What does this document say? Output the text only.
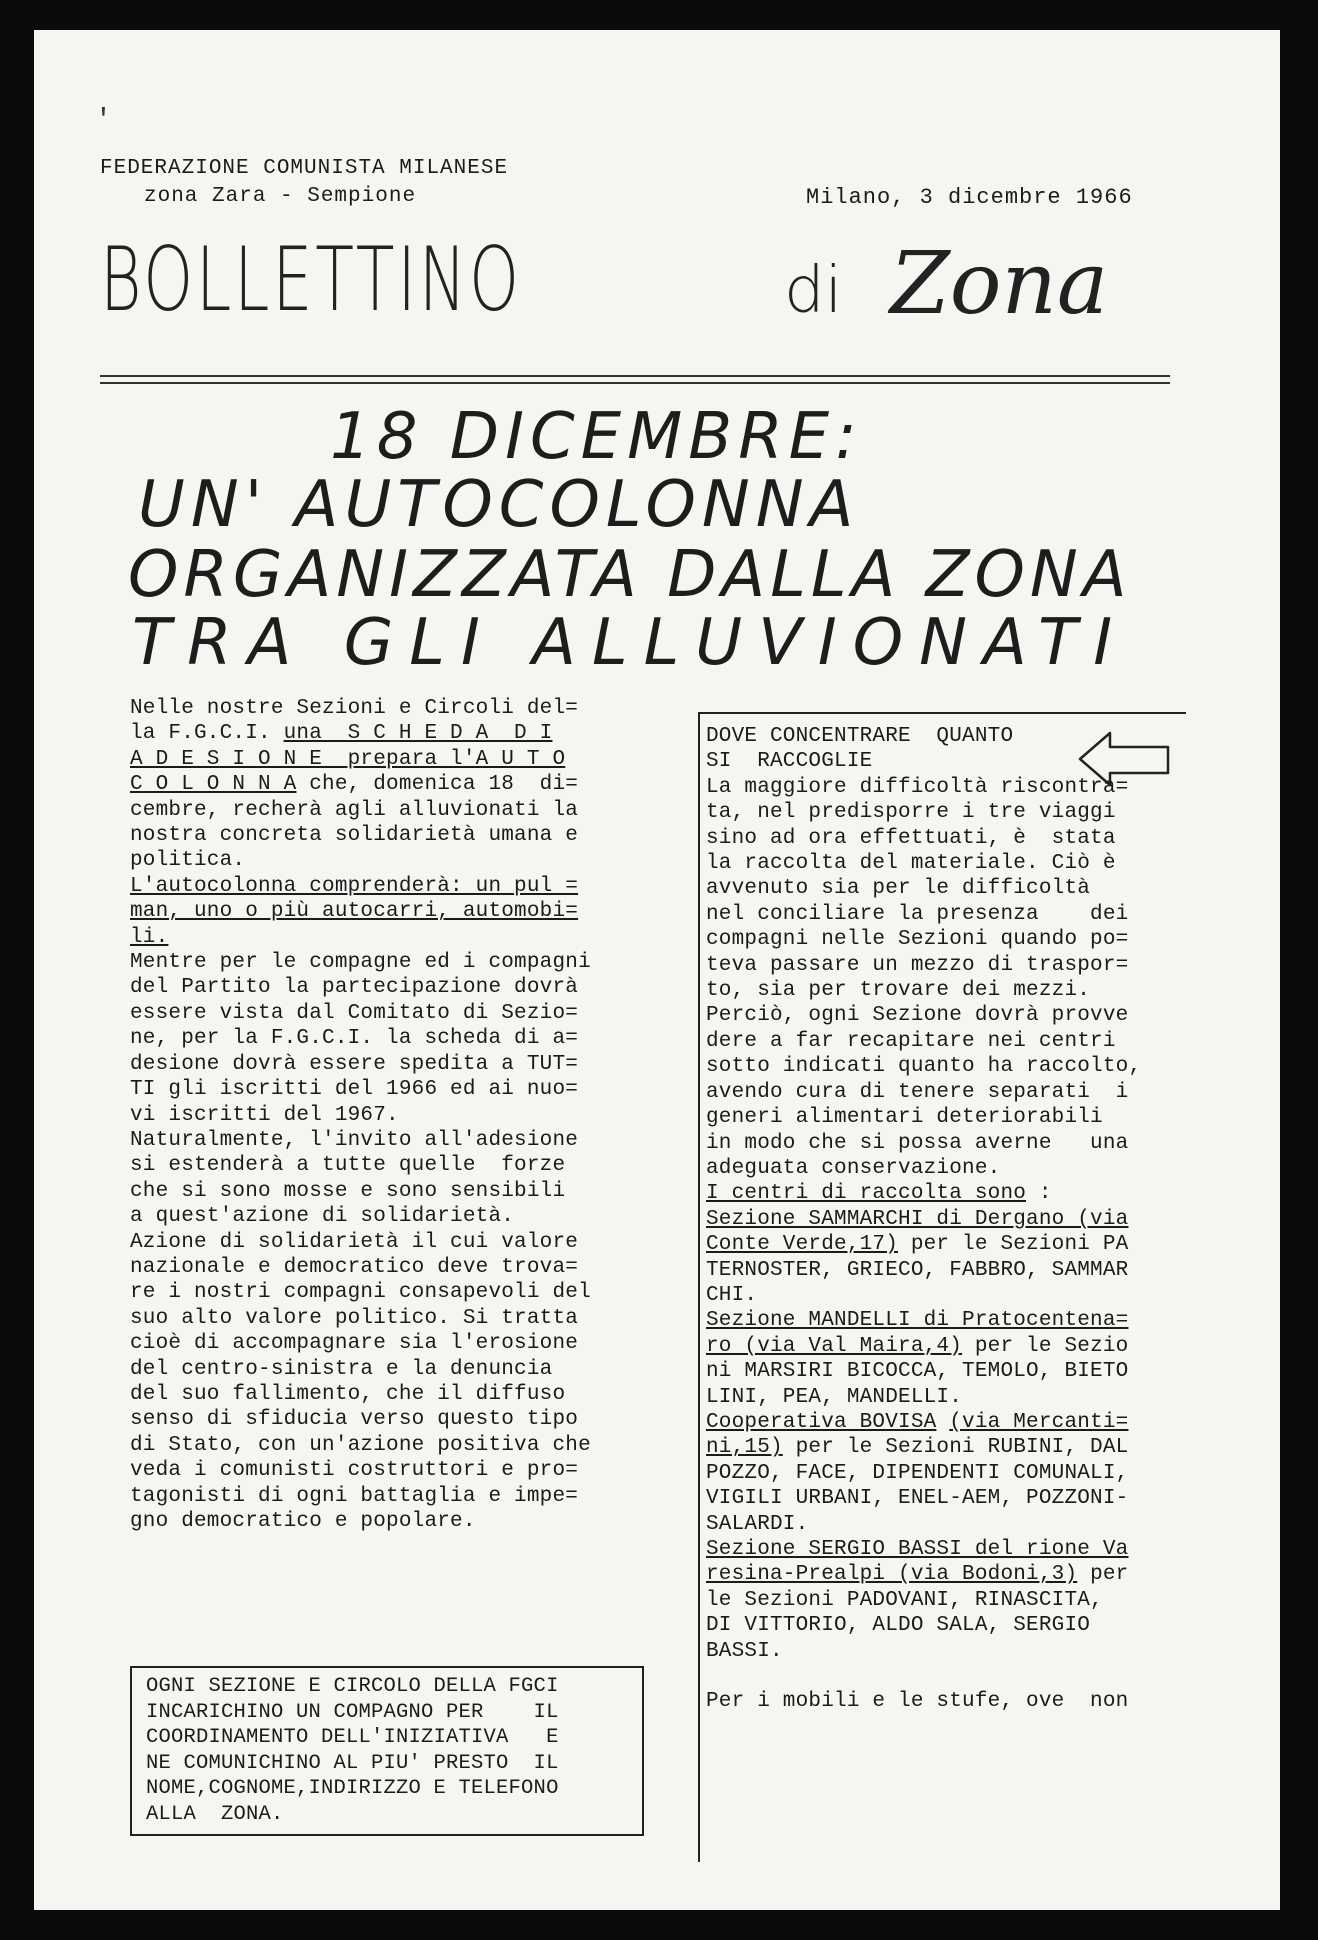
'
FEDERAZIONE COMUNISTA MILANESE
zona Zara - Sempione	Milano, 3 dicembre 1966
BOLLETTINO	di Zona
18 DICEMBRE:
UN' AUTOCOLONNA
ORGANIZZATA DALLA ZONA
TRA GLI ALLUVIONATI
Nelle nostre Sezioni e Circoli del=
la F.G.C.I. una  S C H E D A  D I
A D E S I O N E  prepara l'A U T O
C O L O N N A che, domenica 18  di=
cembre, recherà agli alluvionati la
nostra concreta solidarietà umana e
politica.
L'autocolonna comprenderà: un pul =
man, uno o più autocarri, automobi=
li.
Mentre per le compagne ed i compagni
del Partito la partecipazione dovrà
essere vista dal Comitato di Sezio=
ne, per la F.G.C.I. la scheda di a=
desione dovrà essere spedita a TUT=
TI gli iscritti del 1966 ed ai nuo=
vi iscritti del 1967.
Naturalmente, l'invito all'adesione
si estenderà a tutte quelle  forze
che si sono mosse e sono sensibili
a quest'azione di solidarietà.
Azione di solidarietà il cui valore
nazionale e democratico deve trova=
re i nostri compagni consapevoli del
suo alto valore politico. Si tratta
cioè di accompagnare sia l'erosione
del centro-sinistra e la denuncia
del suo fallimento, che il diffuso
senso di sfiducia verso questo tipo
di Stato, con un'azione positiva che
veda i comunisti costruttori e pro=
tagonisti di ogni battaglia e impe=
gno democratico e popolare.
OGNI SEZIONE E CIRCOLO DELLA FGCI
INCARICHINO UN COMPAGNO PER    IL
COORDINAMENTO DELL'INIZIATIVA   E
NE COMUNICHINO AL PIU' PRESTO  IL
NOME,COGNOME,INDIRIZZO E TELEFONO
ALLA  ZONA.
DOVE CONCENTRARE  QUANTO
SI  RACCOGLIE
La maggiore difficoltà riscontra=
ta, nel predisporre i tre viaggi
sino ad ora effettuati, è  stata
la raccolta del materiale. Ciò è
avvenuto sia per le difficoltà
nel conciliare la presenza    dei
compagni nelle Sezioni quando po=
teva passare un mezzo di traspor=
to, sia per trovare dei mezzi.
Perciò, ogni Sezione dovrà provve
dere a far recapitare nei centri
sotto indicati quanto ha raccolto,
avendo cura di tenere separati  i
generi alimentari deteriorabili
in modo che si possa averne   una
adeguata conservazione.
I centri di raccolta sono :
Sezione SAMMARCHI di Dergano (via
Conte Verde,17) per le Sezioni PA
TERNOSTER, GRIECO, FABBRO, SAMMAR
CHI.
Sezione MANDELLI di Pratocentena=
ro (via Val Maira,4) per le Sezio
ni MARSIRI BICOCCA, TEMOLO, BIETO
LINI, PEA, MANDELLI.
Cooperativa BOVISA (via Mercanti=
ni,15) per le Sezioni RUBINI, DAL
POZZO, FACE, DIPENDENTI COMUNALI,
VIGILI URBANI, ENEL-AEM, POZZONI-
SALARDI.
Sezione SERGIO BASSI del rione Va
resina-Prealpi (via Bodoni,3) per
le Sezioni PADOVANI, RINASCITA,
DI VITTORIO, ALDO SALA, SERGIO
BASSI.

Per i mobili e le stufe, ove  non
